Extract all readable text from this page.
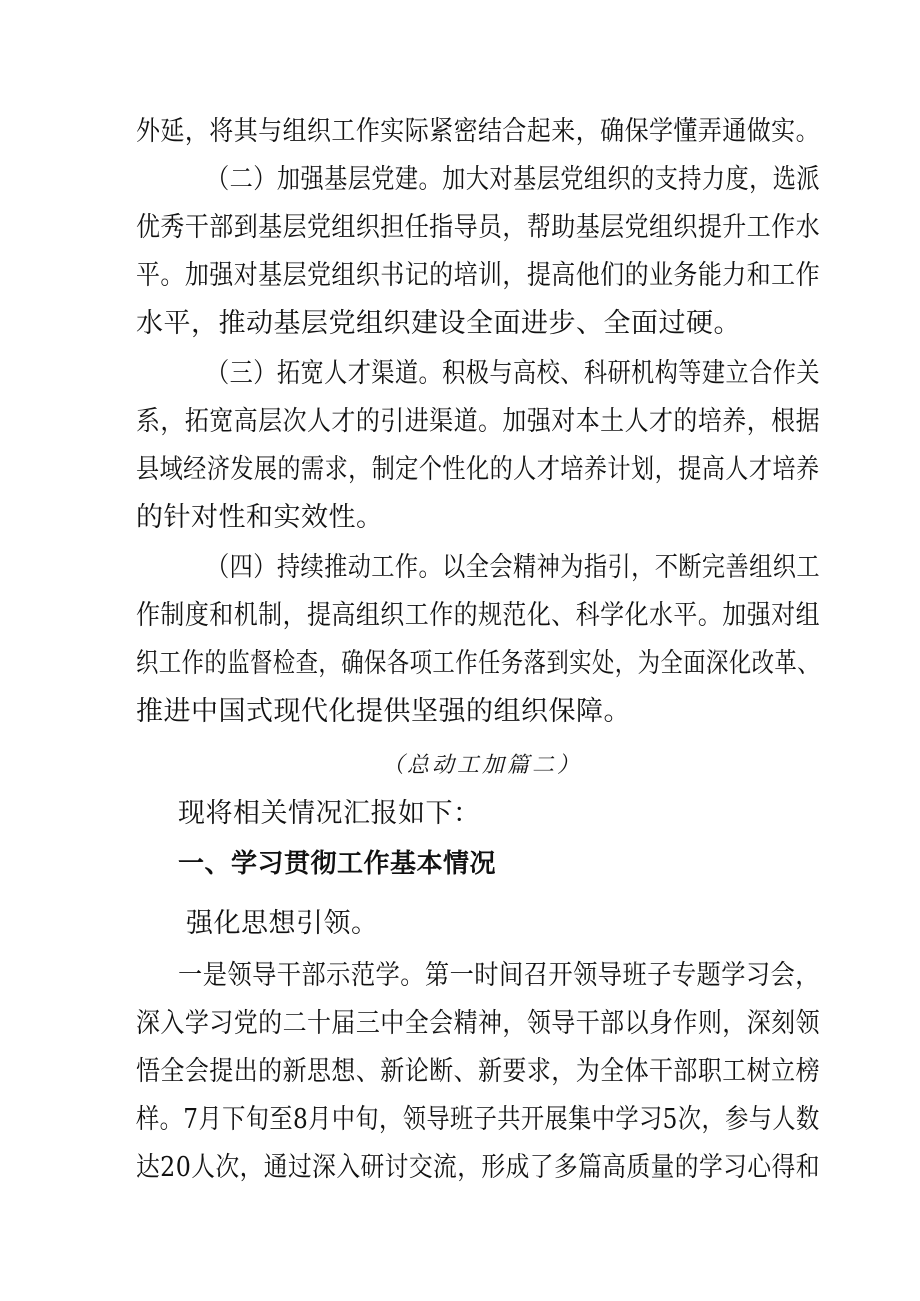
外延，将其与组织工作实际紧密结合起来，确保学懂弄通做实。
（二）加强基层党建。加大对基层党组织的支持力度，选派
优秀干部到基层党组织担任指导员，帮助基层党组织提升工作水
平。加强对基层党组织书记的培训，提高他们的业务能力和工作
水平，推动基层党组织建设全面进步、全面过硬。
（三）拓宽人才渠道。积极与高校、科研机构等建立合作关
系，拓宽高层次人才的引进渠道。加强对本土人才的培养，根据
县域经济发展的需求，制定个性化的人才培养计划，提高人才培养
的针对性和实效性。
（四）持续推动工作。以全会精神为指引，不断完善组织工
作制度和机制，提高组织工作的规范化、科学化水平。加强对组
织工作的监督检查，确保各项工作任务落到实处，为全面深化改革、
推进中国式现代化提供坚强的组织保障。
（总动工加篇二）
现将相关情况汇报如下：
一、学习贯彻工作基本情况
强化思想引领。
一是领导干部示范学。第一时间召开领导班子专题学习会，
深入学习党的二十届三中全会精神，领导干部以身作则，深刻领
悟全会提出的新思想、新论断、新要求，为全体干部职工树立榜
样。7月下旬至8月中旬，领导班子共开展集中学习5次，参与人数
达20人次，通过深入研讨交流，形成了多篇高质量的学习心得和
